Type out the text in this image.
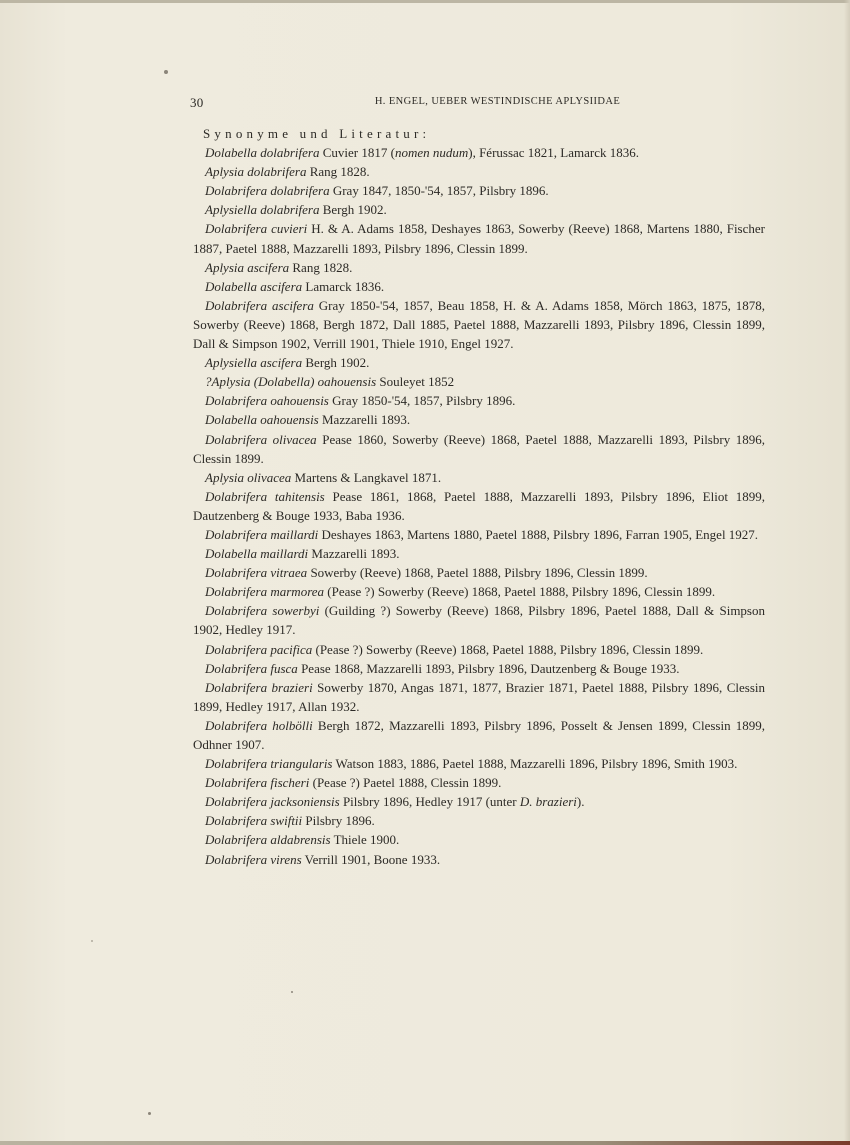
30	H. ENGEL, UEBER WESTINDISCHE APLYSIIDAE
Synonyme und Literatur:

Dolabella dolabrifera Cuvier 1817 (nomen nudum), Férussac 1821, Lamarck 1836.

Aplysia dolabrifera Rang 1828.

Dolabrifera dolabrifera Gray 1847, 1850-'54, 1857, Pilsbry 1896.

Aplysiella dolabrifera Bergh 1902.

Dolabrifera cuvieri H. & A. Adams 1858, Deshayes 1863, Sowerby (Reeve) 1868, Martens 1880, Fischer 1887, Paetel 1888, Mazzarelli 1893, Pilsbry 1896, Clessin 1899.

Aplysia ascifera Rang 1828.

Dolabella ascifera Lamarck 1836.

Dolabrifera ascifera Gray 1850-'54, 1857, Beau 1858, H. & A. Adams 1858, Mörch 1863, 1875, 1878, Sowerby (Reeve) 1868, Bergh 1872, Dall 1885, Paetel 1888, Mazzarelli 1893, Pilsbry 1896, Clessin 1899, Dall & Simpson 1902, Verrill 1901, Thiele 1910, Engel 1927.

Aplysiella ascifera Bergh 1902.

?Aplysia (Dolabella) oahouensis Souleyet 1852

Dolabrifera oahouensis Gray 1850-'54, 1857, Pilsbry 1896.

Dolabella oahouensis Mazzarelli 1893.

Dolabrifera olivacea Pease 1860, Sowerby (Reeve) 1868, Paetel 1888, Mazzarelli 1893, Pilsbry 1896, Clessin 1899.

Aplysia olivacea Martens & Langkavel 1871.

Dolabrifera tahitensis Pease 1861, 1868, Paetel 1888, Mazzarelli 1893, Pilsbry 1896, Eliot 1899, Dautzenberg & Bouge 1933, Baba 1936.

Dolabrifera maillardi Deshayes 1863, Martens 1880, Paetel 1888, Pilsbry 1896, Farran 1905, Engel 1927.

Dolabella maillardi Mazzarelli 1893.

Dolabrifera vitraea Sowerby (Reeve) 1868, Paetel 1888, Pilsbry 1896, Clessin 1899.

Dolabrifera marmorea (Pease ?) Sowerby (Reeve) 1868, Paetel 1888, Pilsbry 1896, Clessin 1899.

Dolabrifera sowerbyi (Guilding ?) Sowerby (Reeve) 1868, Pilsbry 1896, Paetel 1888, Dall & Simpson 1902, Hedley 1917.

Dolabrifera pacifica (Pease ?) Sowerby (Reeve) 1868, Paetel 1888, Pilsbry 1896, Clessin 1899.

Dolabrifera fusca Pease 1868, Mazzarelli 1893, Pilsbry 1896, Dautzenberg & Bouge 1933.

Dolabrifera brazieri Sowerby 1870, Angas 1871, 1877, Brazier 1871, Paetel 1888, Pilsbry 1896, Clessin 1899, Hedley 1917, Allan 1932.

Dolabrifera holbölli Bergh 1872, Mazzarelli 1893, Pilsbry 1896, Posselt & Jensen 1899, Clessin 1899, Odhner 1907.

Dolabrifera triangularis Watson 1883, 1886, Paetel 1888, Mazzarelli 1896, Pilsbry 1896, Smith 1903.

Dolabrifera fischeri (Pease ?) Paetel 1888, Clessin 1899.

Dolabrifera jacksoniensis Pilsbry 1896, Hedley 1917 (unter D. brazieri).

Dolabrifera swiftii Pilsbry 1896.

Dolabrifera aldabrensis Thiele 1900.

Dolabrifera virens Verrill 1901, Boone 1933.
